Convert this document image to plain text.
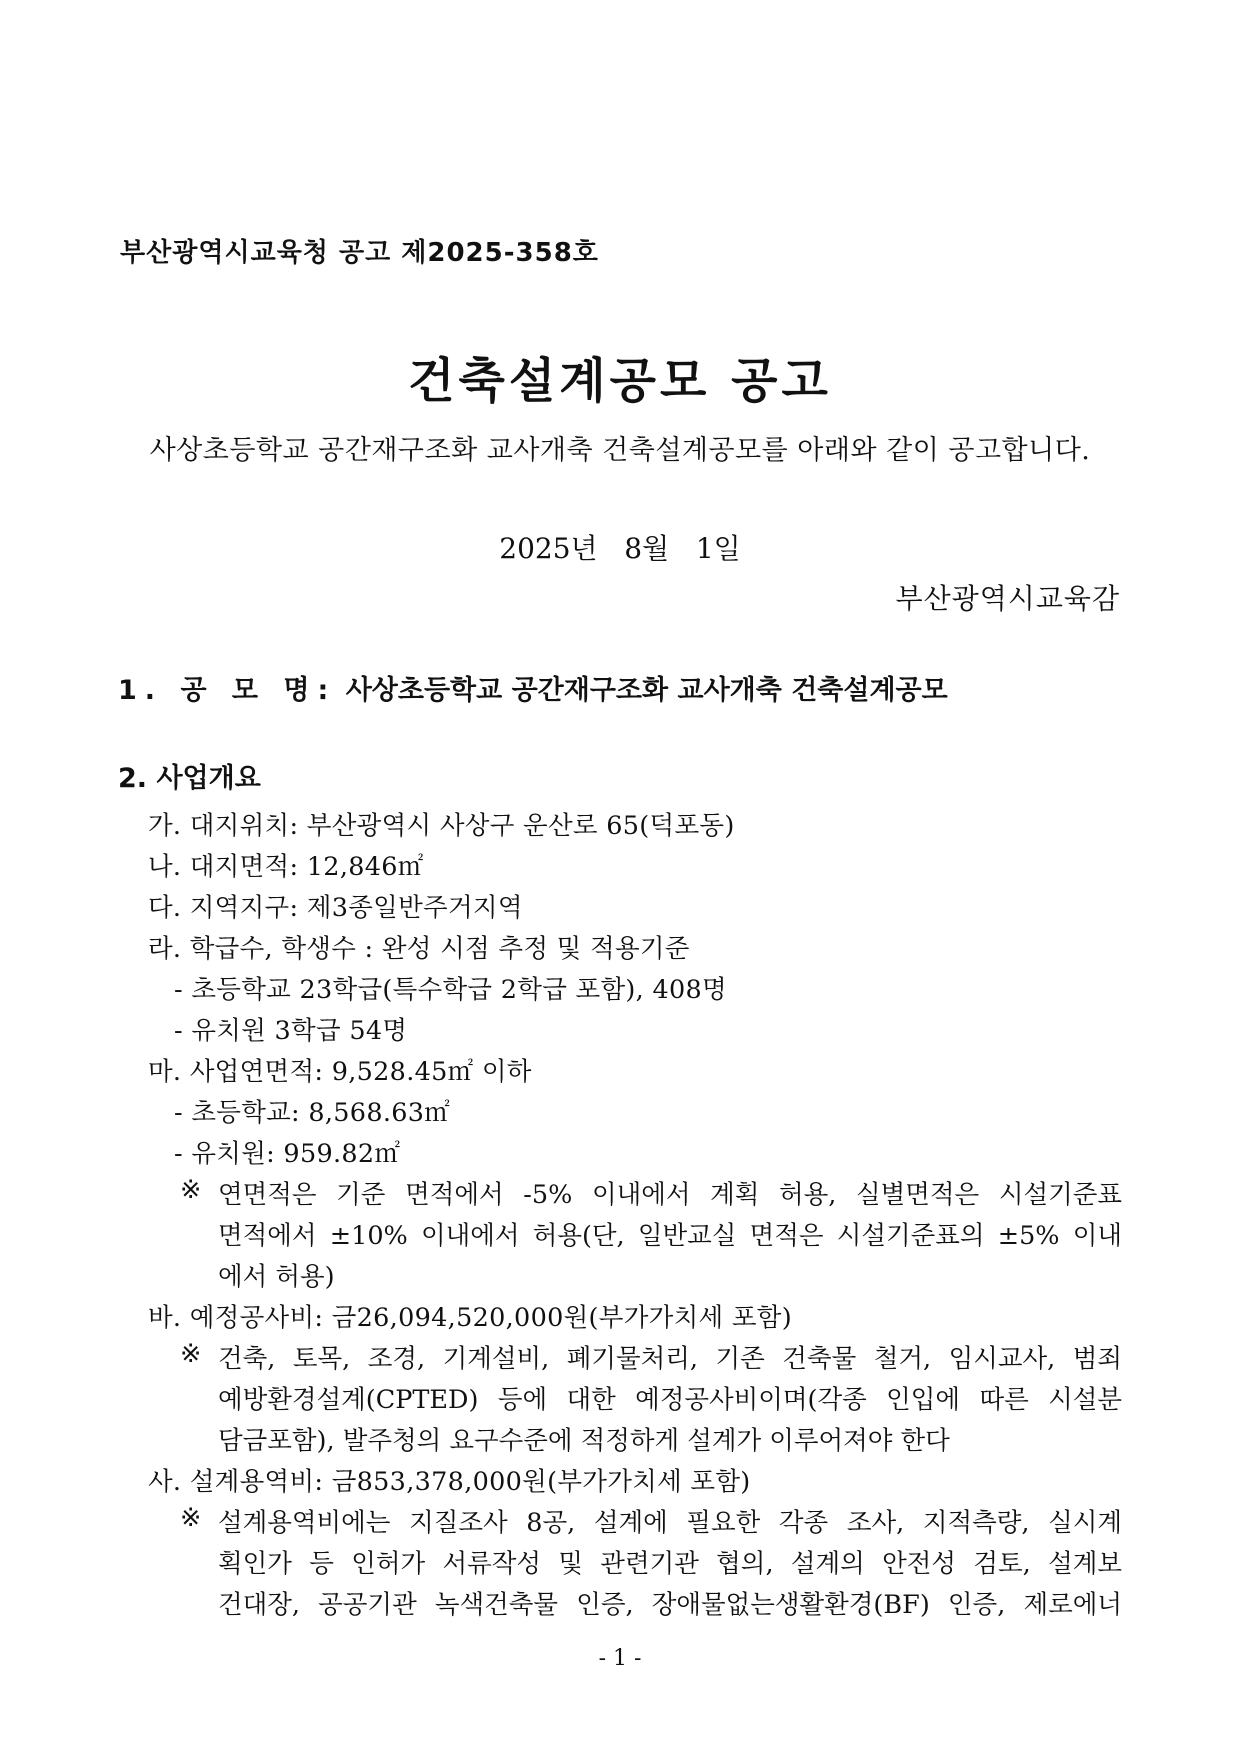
부산광역시교육청 공고 제2025-358호
건축설계공모 공고
사상초등학교 공간재구조화 교사개축 건축설계공모를 아래와 같이 공고합니다.
2025년   8월   1일
부산광역시교육감
1. 공 모 명: 사상초등학교 공간재구조화 교사개축 건축설계공모
2. 사업개요
가. 대지위치: 부산광역시 사상구 운산로 65(덕포동)
나. 대지면적: 12,846㎡
다. 지역지구: 제3종일반주거지역
라. 학급수, 학생수 : 완성 시점 추정 및 적용기준
- 초등학교 23학급(특수학급 2학급 포함), 408명
- 유치원 3학급 54명
마. 사업연면적: 9,528.45㎡ 이하
- 초등학교: 8,568.63㎡
- 유치원: 959.82㎡
※ 연면적은 기준 면적에서 -5% 이내에서 계획 허용, 실별면적은 시설기준표
면적에서 ±10% 이내에서 허용(단, 일반교실 면적은 시설기준표의 ±5% 이내
에서 허용)
바. 예정공사비: 금26,094,520,000원(부가가치세 포함)
※ 건축, 토목, 조경, 기계설비, 폐기물처리, 기존 건축물 철거, 임시교사, 범죄
예방환경설계(CPTED) 등에 대한 예정공사비이며(각종 인입에 따른 시설분
담금포함), 발주청의 요구수준에 적정하게 설계가 이루어져야 한다
사. 설계용역비: 금853,378,000원(부가가치세 포함)
※ 설계용역비에는 지질조사 8공, 설계에 필요한 각종 조사, 지적측량, 실시계
획인가 등 인허가 서류작성 및 관련기관 협의, 설계의 안전성 검토, 설계보
건대장, 공공기관 녹색건축물 인증, 장애물없는생활환경(BF) 인증, 제로에너
- 1 -
